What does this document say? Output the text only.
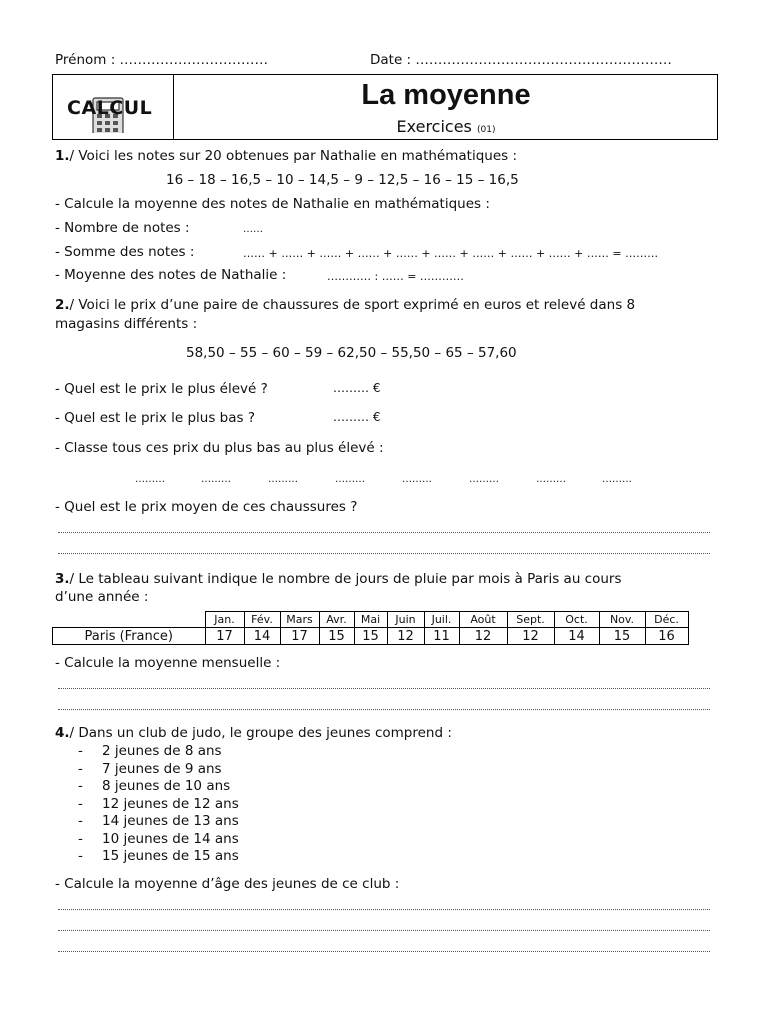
Prénom : ……………………………	Date : …………………………………………………
CALCUL	La moyenne
Exercices (01)
1./ Voici les notes sur 20 obtenues par Nathalie en mathématiques :
16 – 18 – 16,5 – 10 – 14,5 – 9 – 12,5 – 16 – 15 – 16,5
- Calcule la moyenne des notes de Nathalie en mathématiques :
- Nombre de notes :	……
- Somme des notes :	…… + …… + …… + …… + …… + …… + …… + …… + …… + …… = ………
- Moyenne des notes de Nathalie :	………… : …… = …………
2./ Voici le prix d’une paire de chaussures de sport exprimé en euros et relevé dans 8
magasins différents :
58,50 – 55 – 60 – 59 – 62,50 – 55,50 – 65 – 57,60
- Quel est le prix le plus élevé ?	……… €
- Quel est le prix le plus bas ?	……… €
- Classe tous ces prix du plus bas au plus élevé :
………	………	………	………	………	………	………	………
- Quel est le prix moyen de ces chaussures ?
3./ Le tableau suivant indique le nombre de jours de pluie par mois à Paris au cours
d’une année :
	Jan.	Fév.	Mars	Avr.	Mai	Juin	Juil.	Août	Sept.	Oct.	Nov.	Déc.
Paris (France)	17	14	17	15	15	12	11	12	12	14	15	16
- Calcule la moyenne mensuelle :
4./ Dans un club de judo, le groupe des jeunes comprend :
- 2 jeunes de 8 ans
- 7 jeunes de 9 ans
- 8 jeunes de 10 ans
- 12 jeunes de 12 ans
- 14 jeunes de 13 ans
- 10 jeunes de 14 ans
- 15 jeunes de 15 ans
- Calcule la moyenne d’âge des jeunes de ce club :
